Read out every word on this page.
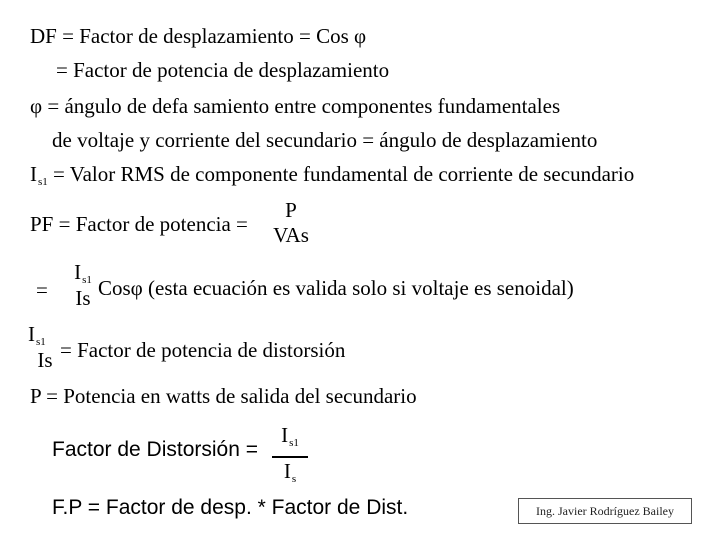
DF = Factor de desplazamiento = Cos φ
= Factor de potencia de desplazamiento
φ = ángulo de defa samiento entre componentes fundamentales
de voltaje y corriente del secundario = ángulo de desplazamiento
$I_{s1}$ = Valor RMS de componente fundamental de corriente de secundario
PF = Factor de potencia =
P
VAs
=
$I_{s1}$
Is Cosφ (esta ecuación es valida solo si voltaje es senoidal)
$I_{s1}$
Is = Factor de potencia de distorsión
P = Potencia en watts de salida del secundario
Factor de Distorsión =
$I_{s1}$
$I_s$
F.P = Factor de desp. * Factor de Dist.	Ing. Javier Rodríguez Bailey
